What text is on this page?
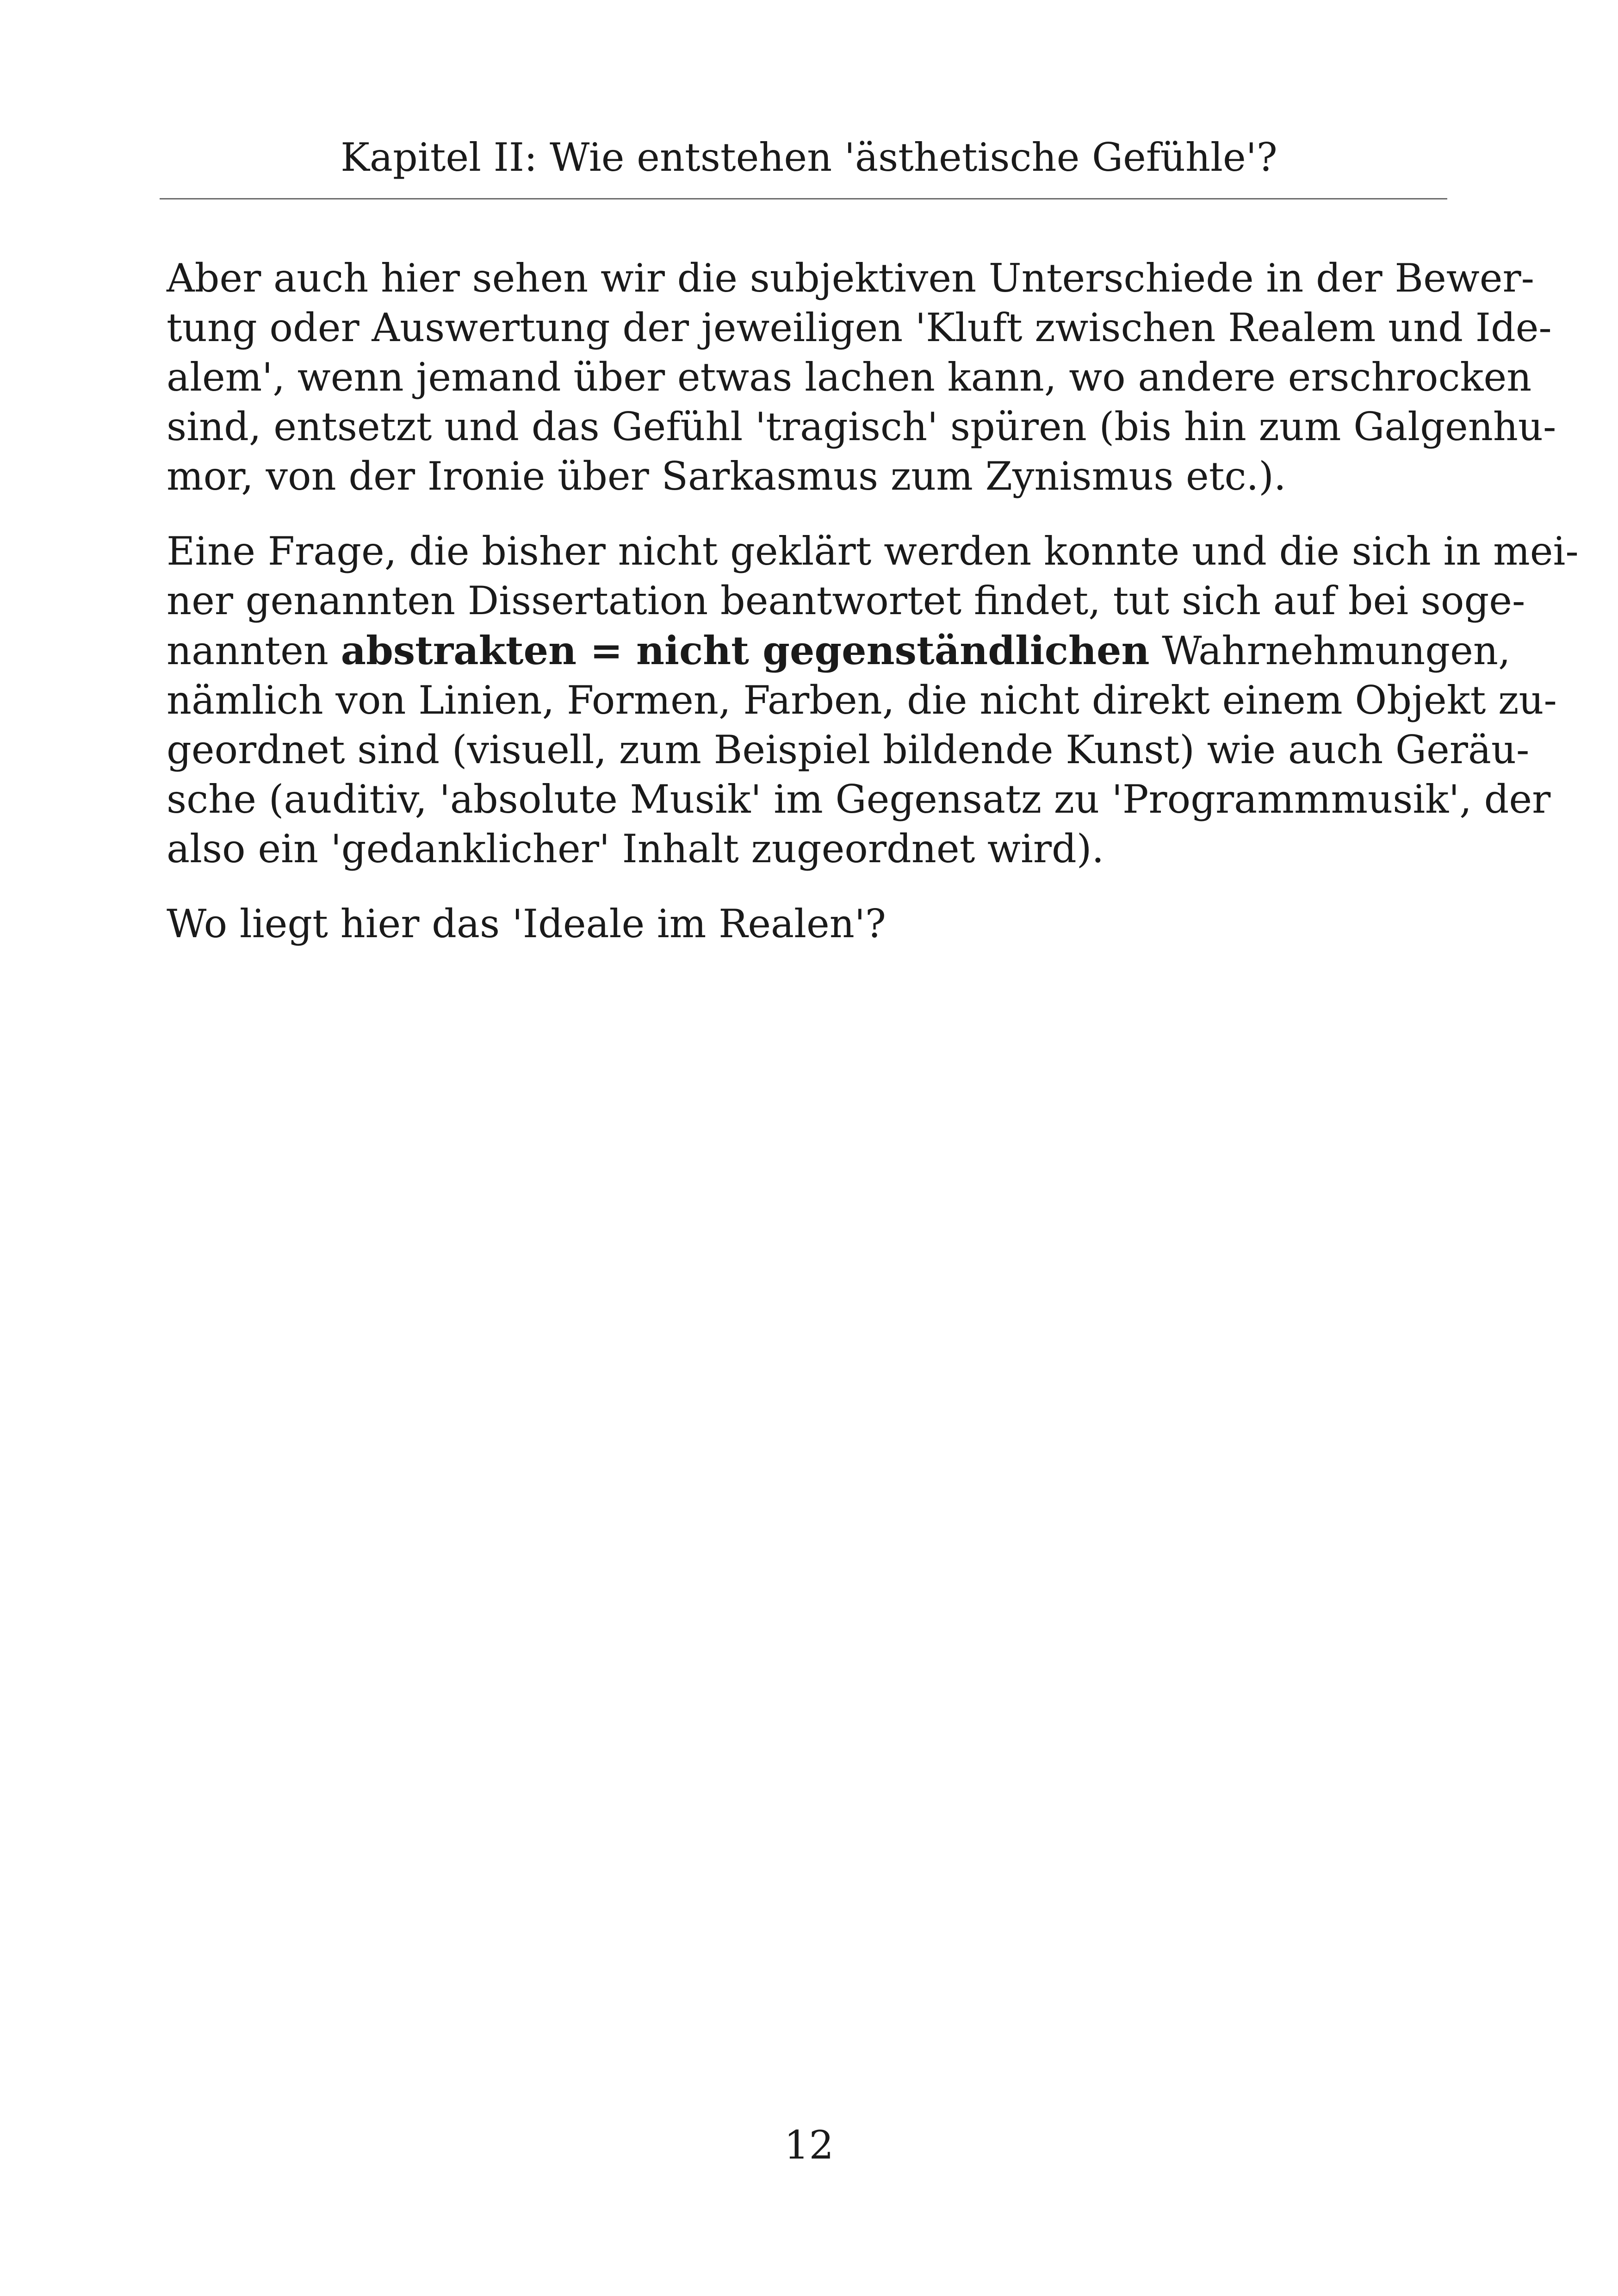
Kapitel II: Wie entstehen 'ästhetische Gefühle'?

Aber auch hier sehen wir die subjektiven Unterschiede in der Bewer-
tung oder Auswertung der jeweiligen 'Kluft zwischen Realem und Ide-
alem', wenn jemand über etwas lachen kann, wo andere erschrocken
sind, entsetzt und das Gefühl 'tragisch' spüren (bis hin zum Galgenhu-
mor, von der Ironie über Sarkasmus zum Zynismus etc.).

Eine Frage, die bisher nicht geklärt werden konnte und die sich in mei-
ner genannten Dissertation beantwortet findet, tut sich auf bei soge-
nannten abstrakten = nicht gegenständlichen Wahrnehmungen,
nämlich von Linien, Formen, Farben, die nicht direkt einem Objekt zu-
geordnet sind (visuell, zum Beispiel bildende Kunst) wie auch Geräu-
sche (auditiv, 'absolute Musik' im Gegensatz zu 'Programmmusik', der
also ein 'gedanklicher' Inhalt zugeordnet wird).

Wo liegt hier das 'Ideale im Realen'?

12
